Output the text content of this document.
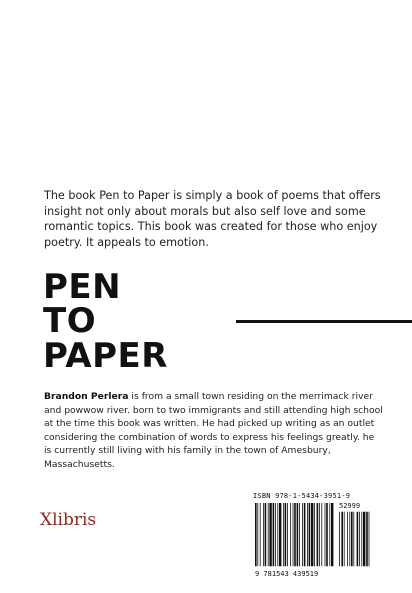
The book Pen to Paper is simply a book of poems that offers insight not only about morals but also self love and some romantic topics. This book was created for those who enjoy poetry. It appeals to emotion.
PEN
TO
PAPER
Brandon Perlera is from a small town residing on the merrimack river and powwow river. born to two immigrants and still attending high school at the time this book was written. He had picked up writing as an outlet considering the combination of words to express his feelings greatly. he is currently still living with his family in the town of Amesbury, Massachusetts.
Xlibris
ISBN 978-1-5434-3951-9
52999
9 781543 439519
